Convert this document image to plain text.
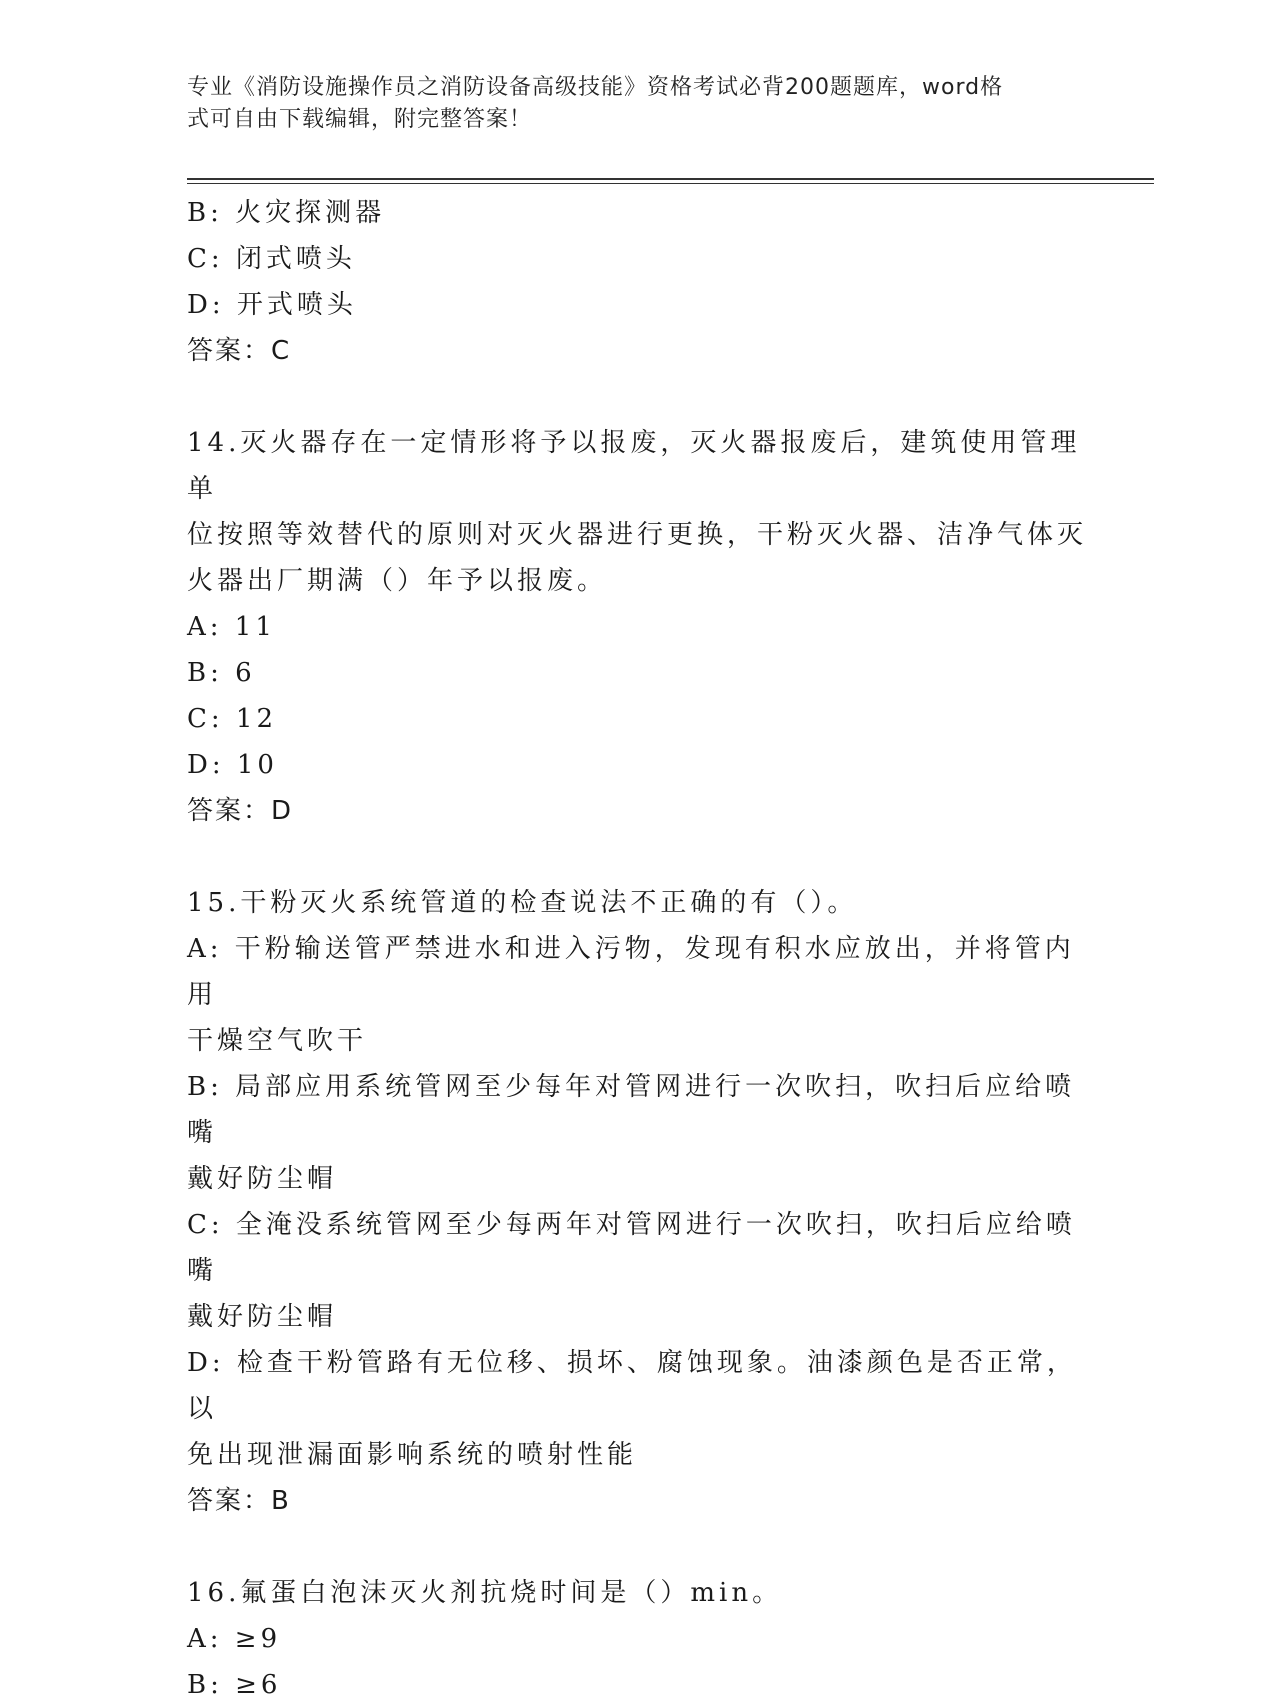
专业《消防设施操作员之消防设备高级技能》资格考试必背200题题库，word格
式可自由下载编辑，附完整答案！
B: 火灾探测器
C: 闭式喷头
D: 开式喷头
答案：C
14.灭火器存在一定情形将予以报废，灭火器报废后，建筑使用管理单
位按照等效替代的原则对灭火器进行更换，干粉灭火器、洁净气体灭
火器出厂期满（）年予以报废。
A: 11
B: 6
C: 12
D: 10
答案：D
15.干粉灭火系统管道的检查说法不正确的有（）。
A: 干粉输送管严禁进水和进入污物，发现有积水应放出，并将管内用
干燥空气吹干
B: 局部应用系统管网至少每年对管网进行一次吹扫，吹扫后应给喷嘴
戴好防尘帽
C: 全淹没系统管网至少每两年对管网进行一次吹扫，吹扫后应给喷嘴
戴好防尘帽
D: 检查干粉管路有无位移、损坏、腐蚀现象。油漆颜色是否正常，以
免出现泄漏面影响系统的喷射性能
答案：B
16.氟蛋白泡沫灭火剂抗烧时间是（）min。
A: ≥9
B: ≥6
